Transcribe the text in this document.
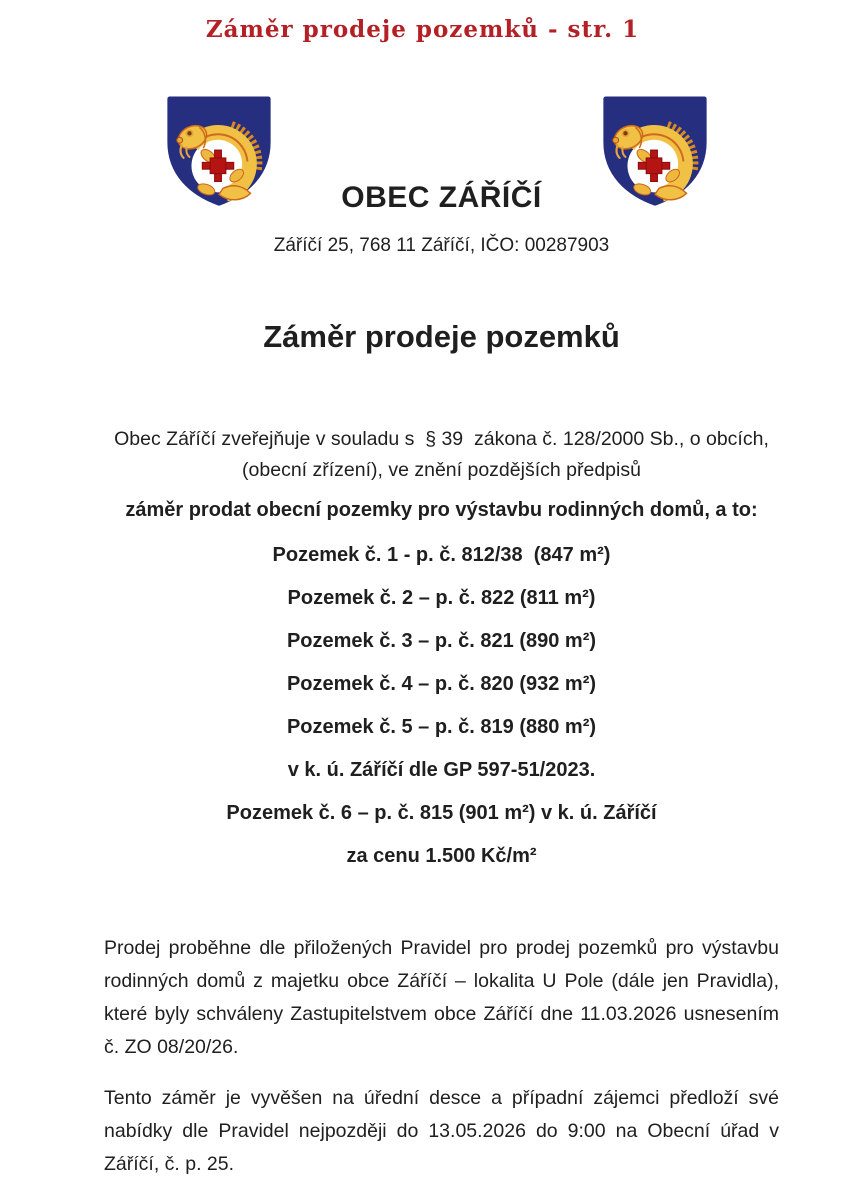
Záměr prodeje pozemků - str. 1
OBEC ZÁŘÍČÍ
Záříčí 25, 768 11 Záříčí, IČO: 00287903
Záměr prodeje pozemků

Obec Záříčí zveřejňuje v souladu s  § 39  zákona č. 128/2000 Sb., o obcích, (obecní zřízení), ve znění pozdějších předpisů

záměr prodat obecní pozemky pro výstavbu rodinných domů, a to:

Pozemek č. 1 - p. č. 812/38  (847 m²)

Pozemek č. 2 – p. č. 822 (811 m²)

Pozemek č. 3 – p. č. 821 (890 m²)

Pozemek č. 4 – p. č. 820 (932 m²)

Pozemek č. 5 – p. č. 819 (880 m²)

v k. ú. Záříčí dle GP 597-51/2023.

Pozemek č. 6 – p. č. 815 (901 m²) v k. ú. Záříčí

za cenu 1.500 Kč/m²

Prodej proběhne dle přiložených Pravidel pro prodej pozemků pro výstavbu rodinných domů z majetku obce Záříčí – lokalita U Pole (dále jen Pravidla), které byly schváleny Zastupitelstvem obce Záříčí dne 11.03.2026 usnesením č. ZO 08/20/26.

Tento záměr je vyvěšen na úřední desce a případní zájemci předloží své nabídky dle Pravidel nejpozději do 13.05.2026 do 9:00 na Obecní úřad v Záříčí, č. p. 25.
